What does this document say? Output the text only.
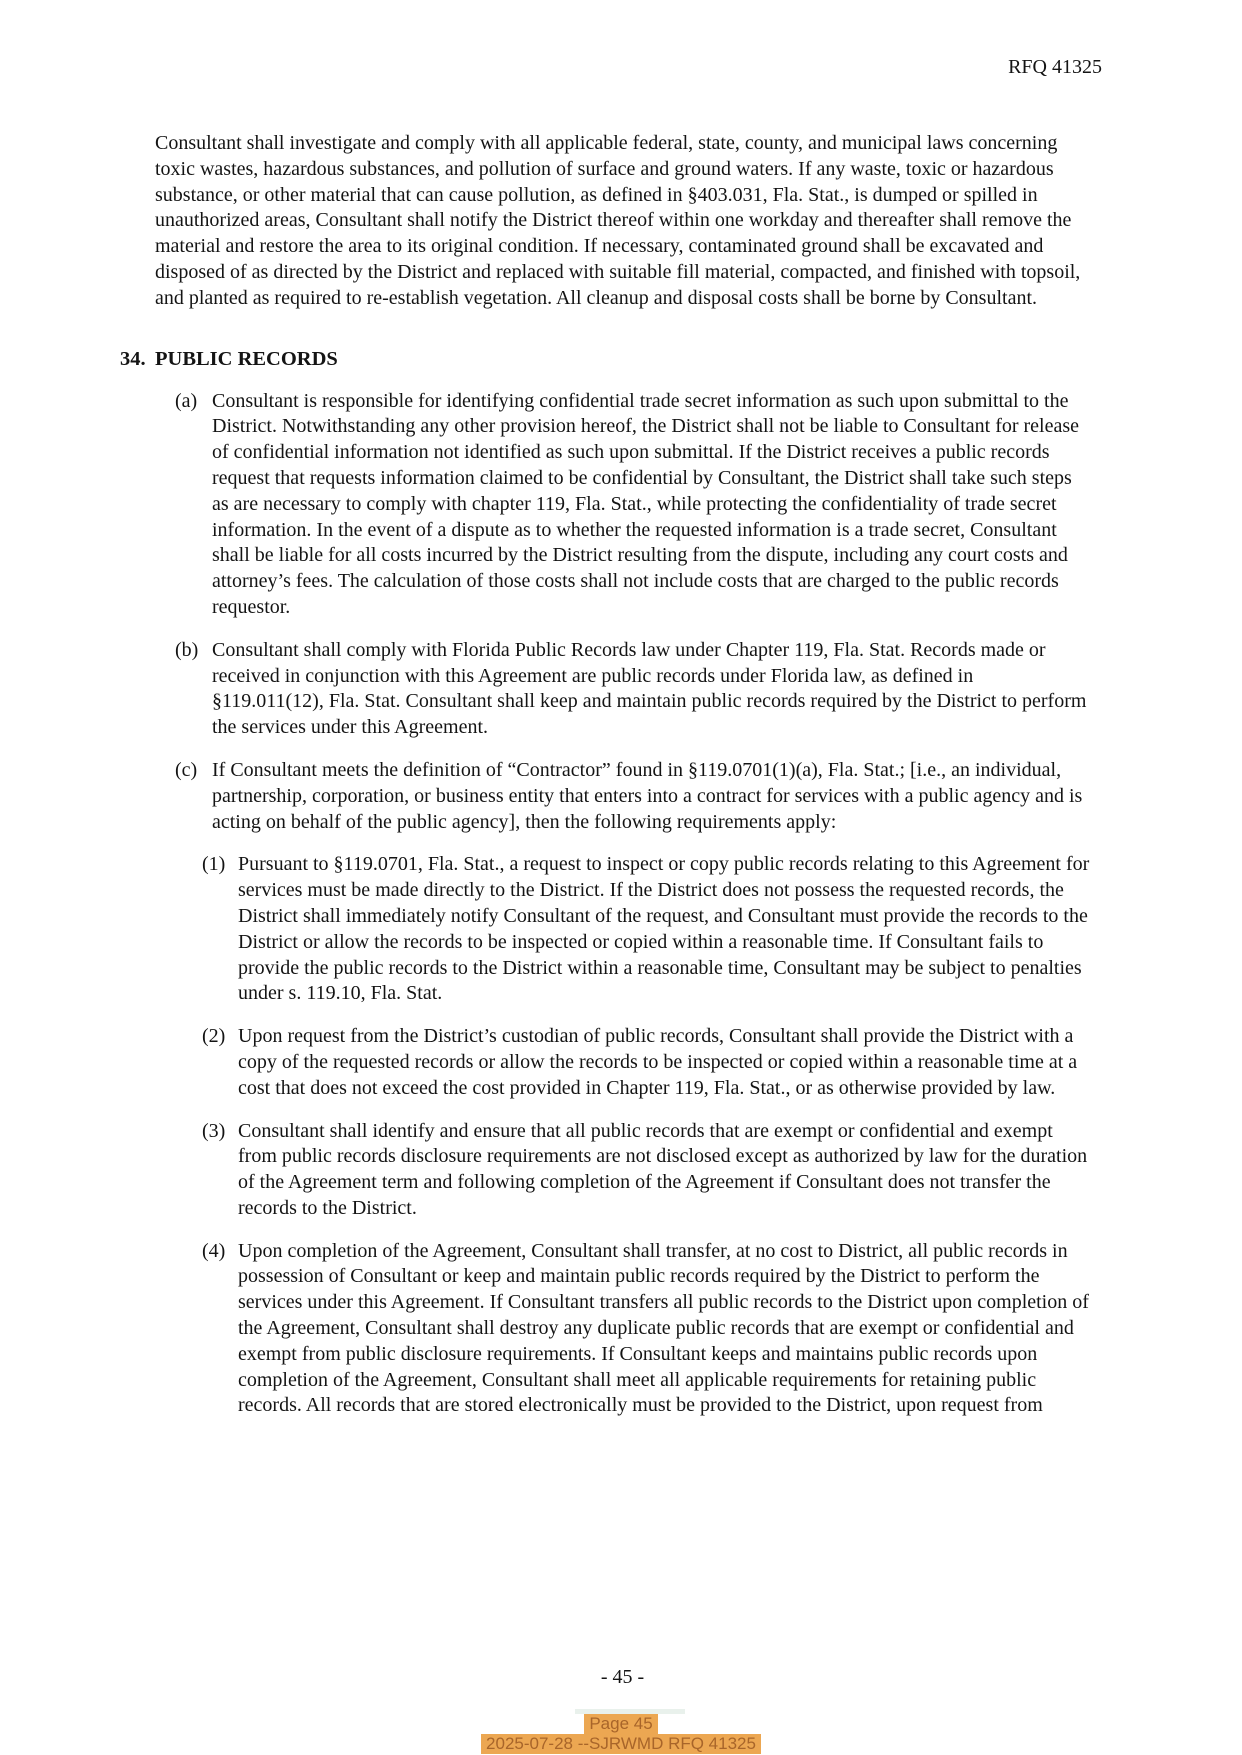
RFQ 41325

Consultant shall investigate and comply with all applicable federal, state, county, and municipal laws concerning toxic wastes, hazardous substances, and pollution of surface and ground waters. If any waste, toxic or hazardous substance, or other material that can cause pollution, as defined in §403.031, Fla. Stat., is dumped or spilled in unauthorized areas, Consultant shall notify the District thereof within one workday and thereafter shall remove the material and restore the area to its original condition. If necessary, contaminated ground shall be excavated and disposed of as directed by the District and replaced with suitable fill material, compacted, and finished with topsoil, and planted as required to re-establish vegetation. All cleanup and disposal costs shall be borne by Consultant.

34. PUBLIC RECORDS
(a) Consultant is responsible for identifying confidential trade secret information as such upon submittal to the District. Notwithstanding any other provision hereof, the District shall not be liable to Consultant for release of confidential information not identified as such upon submittal. If the District receives a public records request that requests information claimed to be confidential by Consultant, the District shall take such steps as are necessary to comply with chapter 119, Fla. Stat., while protecting the confidentiality of trade secret information. In the event of a dispute as to whether the requested information is a trade secret, Consultant shall be liable for all costs incurred by the District resulting from the dispute, including any court costs and attorney’s fees. The calculation of those costs shall not include costs that are charged to the public records requestor.
(b) Consultant shall comply with Florida Public Records law under Chapter 119, Fla. Stat. Records made or received in conjunction with this Agreement are public records under Florida law, as defined in §119.011(12), Fla. Stat. Consultant shall keep and maintain public records required by the District to perform the services under this Agreement.
(c) If Consultant meets the definition of “Contractor” found in §119.0701(1)(a), Fla. Stat.; [i.e., an individual, partnership, corporation, or business entity that enters into a contract for services with a public agency and is acting on behalf of the public agency], then the following requirements apply:
(1) Pursuant to §119.0701, Fla. Stat., a request to inspect or copy public records relating to this Agreement for services must be made directly to the District. If the District does not possess the requested records, the District shall immediately notify Consultant of the request, and Consultant must provide the records to the District or allow the records to be inspected or copied within a reasonable time. If Consultant fails to provide the public records to the District within a reasonable time, Consultant may be subject to penalties under s. 119.10, Fla. Stat.
(2) Upon request from the District’s custodian of public records, Consultant shall provide the District with a copy of the requested records or allow the records to be inspected or copied within a reasonable time at a cost that does not exceed the cost provided in Chapter 119, Fla. Stat., or as otherwise provided by law.
(3) Consultant shall identify and ensure that all public records that are exempt or confidential and exempt from public records disclosure requirements are not disclosed except as authorized by law for the duration of the Agreement term and following completion of the Agreement if Consultant does not transfer the records to the District.
(4) Upon completion of the Agreement, Consultant shall transfer, at no cost to District, all public records in possession of Consultant or keep and maintain public records required by the District to perform the services under this Agreement. If Consultant transfers all public records to the District upon completion of the Agreement, Consultant shall destroy any duplicate public records that are exempt or confidential and exempt from public disclosure requirements. If Consultant keeps and maintains public records upon completion of the Agreement, Consultant shall meet all applicable requirements for retaining public records. All records that are stored electronically must be provided to the District, upon request from
- 45 -
Page 45
2025-07-28 --SJRWMD RFQ 41325
